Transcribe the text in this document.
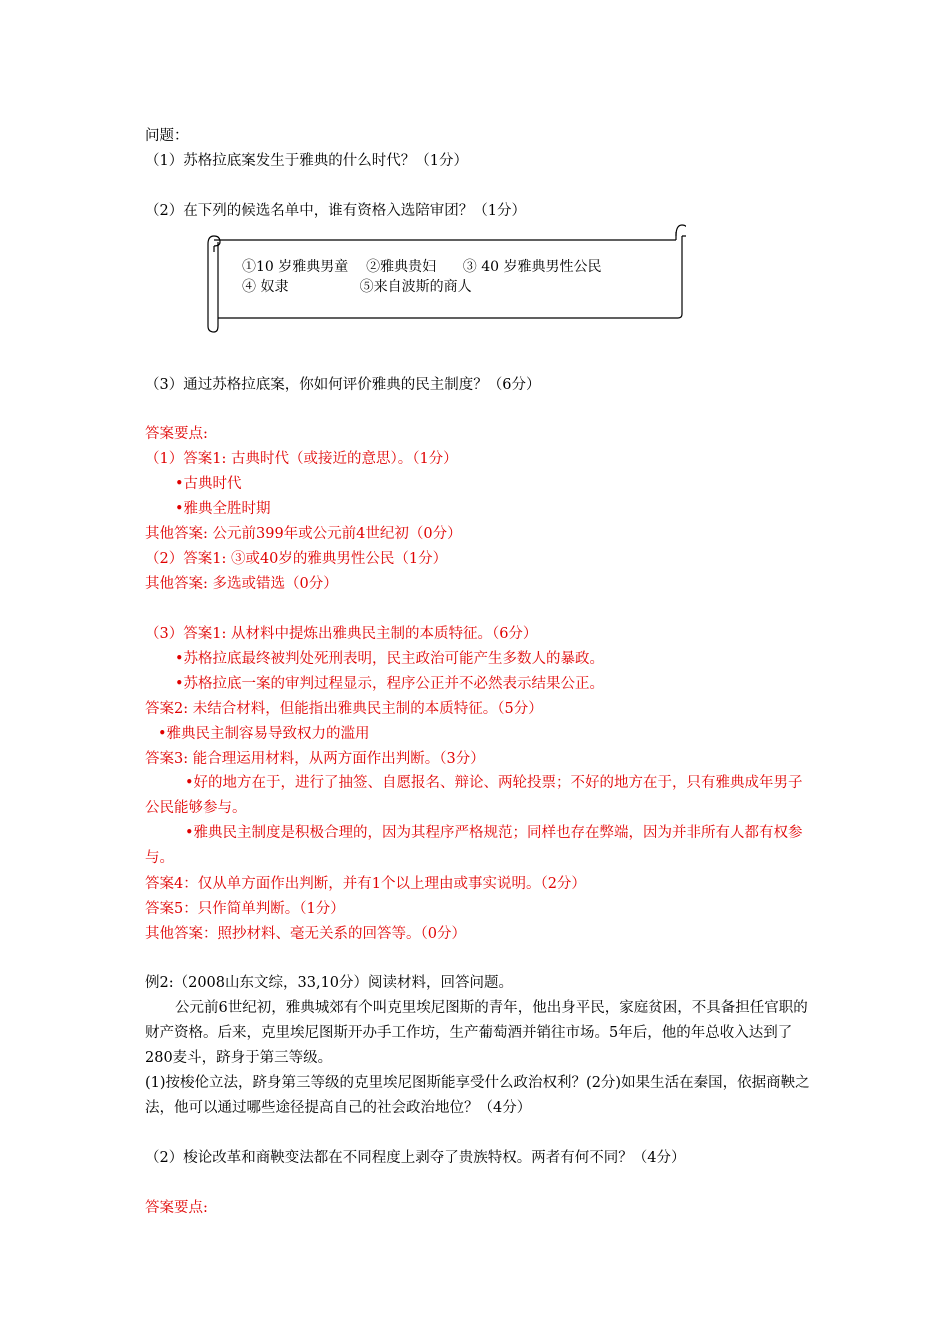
问题：
（1）苏格拉底案发生于雅典的什么时代？（1分）
（2）在下列的候选名单中，谁有资格入选陪审团？（1分）
①10 岁雅典男童    ②雅典贵妇      ③ 40 岁雅典男性公民
④ 奴隶                ⑤来自波斯的商人
（3）通过苏格拉底案，你如何评价雅典的民主制度？（6分）
答案要点:
（1）答案1: 古典时代（或接近的意思）。（1分）
•古典时代
•雅典全胜时期
其他答案: 公元前399年或公元前4世纪初（0分）
（2）答案1: ③或40岁的雅典男性公民（1分）
其他答案: 多选或错选（0分）
（3）答案1: 从材料中提炼出雅典民主制的本质特征。（6分）
•苏格拉底最终被判处死刑表明，民主政治可能产生多数人的暴政。
•苏格拉底一案的审判过程显示，程序公正并不必然表示结果公正。
答案2: 未结合材料，但能指出雅典民主制的本质特征。（5分）
•雅典民主制容易导致权力的滥用
答案3: 能合理运用材料，从两方面作出判断。（3分）
•好的地方在于，进行了抽签、自愿报名、辩论、两轮投票；不好的地方在于，只有雅典成年男子公民能够参与。
•雅典民主制度是积极合理的，因为其程序严格规范；同样也存在弊端，因为并非所有人都有权参与。
答案4：仅从单方面作出判断，并有1个以上理由或事实说明。（2分）
答案5：只作简单判断。（1分）
其他答案：照抄材料、毫无关系的回答等。（0分）
例2:（2008山东文综，33,10分）阅读材料，回答问题。
公元前6世纪初，雅典城郊有个叫克里埃尼图斯的青年，他出身平民，家庭贫困，不具备担任官职的财产资格。后来，克里埃尼图斯开办手工作坊，生产葡萄酒并销往市场。5年后，他的年总收入达到了280麦斗，跻身于第三等级。
(1)按梭伦立法，跻身第三等级的克里埃尼图斯能享受什么政治权利？(2分)如果生活在秦国，依据商鞅之法，他可以通过哪些途径提高自己的社会政治地位？（4分）
（2）梭论改革和商鞅变法都在不同程度上剥夺了贵族特权。两者有何不同？（4分）
答案要点:
